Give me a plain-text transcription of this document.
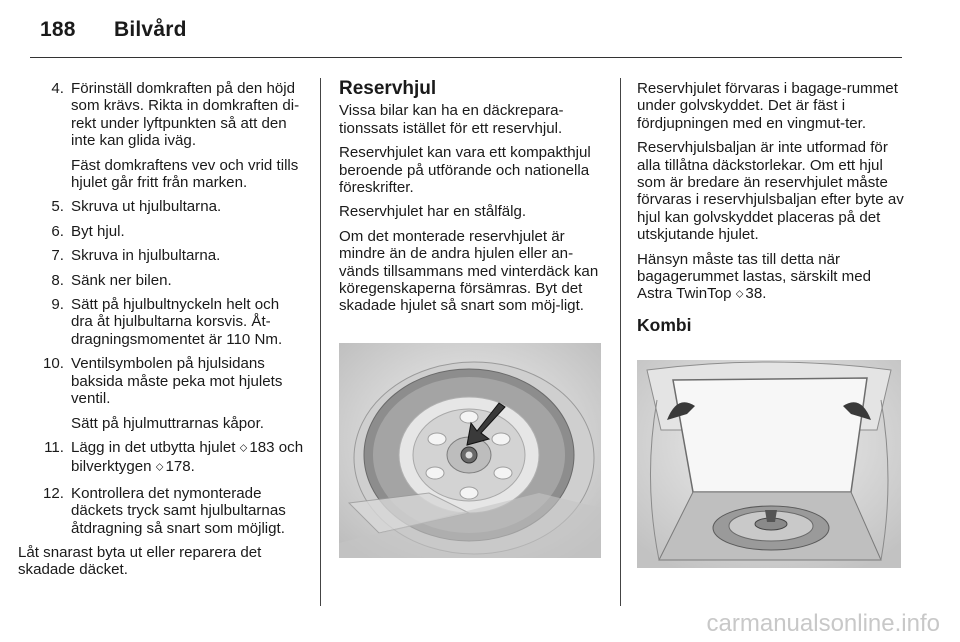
188 Bilvård
4. Förinställ domkraften på den höjd som krävs. Rikta in domkraften di-rekt under lyftpunkten så att den inte kan glida iväg.

Fäst domkraftens vev och vrid tills hjulet går fritt från marken.

5. Skruva ut hjulbultarna.

6. Byt hjul.

7. Skruva in hjulbultarna.

8. Sänk ner bilen.

9. Sätt på hjulbultnyckeln helt och dra åt hjulbultarna korsvis. Åt-dragningsmomentet är 110 Nm.

10. Ventilsymbolen på hjulsidans baksida måste peka mot hjulets ventil.

Sätt på hjulmuttrarnas kåpor.

11. Lägg in det utbytta hjulet ⬦ 183 och bilverktygen ⬦ 178.

12. Kontrollera det nymonterade däckets tryck samt hjulbultarnas åtdragning så snart som möjligt.

Låt snarast byta ut eller reparera det skadade däcket.

Reservhjul

Vissa bilar kan ha en däckrepara-tionssats istället för ett reservhjul.

Reservhjulet kan vara ett kompakthjul beroende på utförande och nationella föreskrifter.

Reservhjulet har en stålfälg.

Om det monterade reservhjulet är mindre än de andra hjulen eller an-vänds tillsammans med vinterdäck kan köregenskaperna försämras. Byt det skadade hjulet så snart som möj-ligt.

Reservhjulet förvaras i bagage-rummet under golvskyddet. Det är fäst i fördjupningen med en vingmut-ter.

Reservhjulsbaljan är inte utformad för alla tillåtna däckstorlekar. Om ett hjul som är bredare än reservhjulet måste förvaras i reservhjulsbaljan efter byte av hjul kan golvskyddet placeras på det utskjutande hjulet.

Hänsyn måste tas till detta när bagagerummet lastas, särskilt med
Astra TwinTop ⬦ 38.

Kombi
carmanualsonline.info
